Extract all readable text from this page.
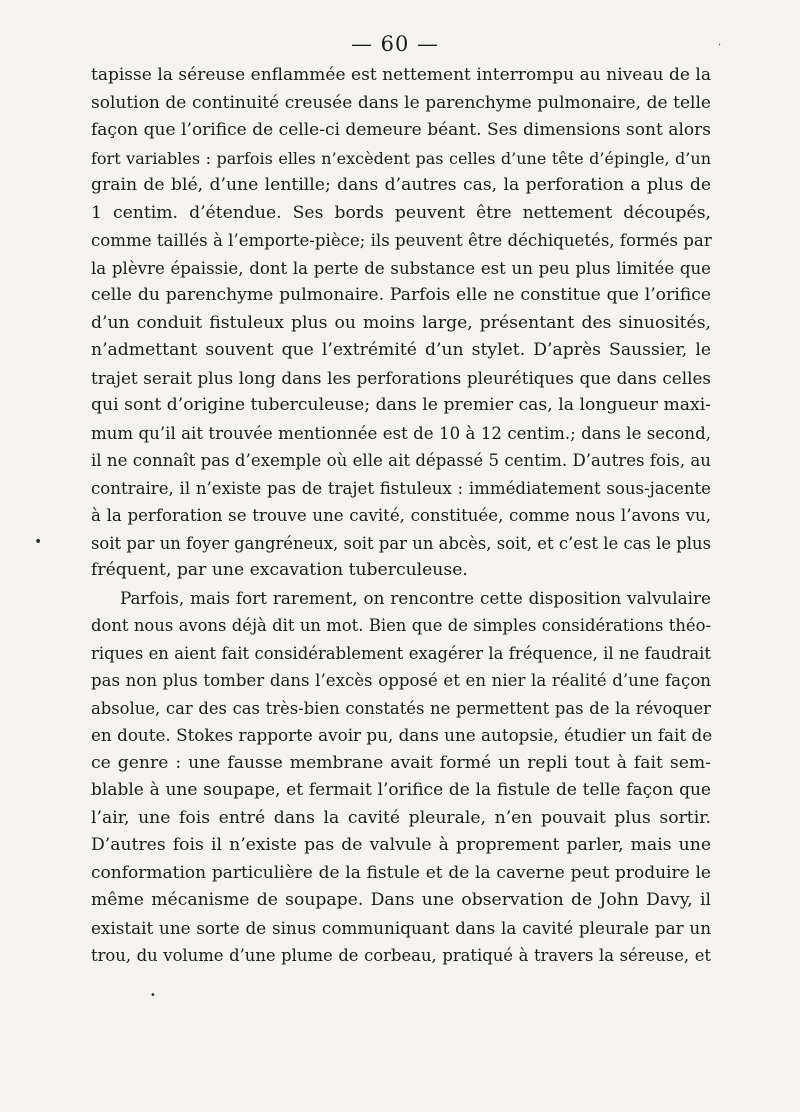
— 60 —	·
•
•
tapisse la séreuse enflammée est nettement interrompu au niveau de la
solution de continuité creusée dans le parenchyme pulmonaire, de telle
façon que l’orifice de celle-ci demeure béant. Ses dimensions sont alors
fort variables : parfois elles n’excèdent pas celles d’une tête d’épingle, d’un
grain de blé, d’une lentille; dans d’autres cas, la perforation a plus de
1 centim. d’étendue. Ses bords peuvent être nettement découpés,
comme taillés à l’emporte-pièce; ils peuvent être déchiquetés, formés par
la plèvre épaissie, dont la perte de substance est un peu plus limitée que
celle du parenchyme pulmonaire. Parfois elle ne constitue que l’orifice
d’un conduit fistuleux plus ou moins large, présentant des sinuosités,
n’admettant souvent que l’extrémité d’un stylet. D’après Saussier, le
trajet serait plus long dans les perforations pleurétiques que dans celles
qui sont d’origine tuberculeuse; dans le premier cas, la longueur maxi-
mum qu’il ait trouvée mentionnée est de 10 à 12 centim.; dans le second,
il ne connaît pas d’exemple où elle ait dépassé 5 centim. D’autres fois, au
contraire, il n’existe pas de trajet fistuleux : immédiatement sous-jacente
à la perforation se trouve une cavité, constituée, comme nous l’avons vu,
soit par un foyer gangréneux, soit par un abcès, soit, et c’est le cas le plus
fréquent, par une excavation tuberculeuse.
Parfois, mais fort rarement, on rencontre cette disposition valvulaire
dont nous avons déjà dit un mot. Bien que de simples considérations théo-
riques en aient fait considérablement exagérer la fréquence, il ne faudrait
pas non plus tomber dans l’excès opposé et en nier la réalité d’une façon
absolue, car des cas très-bien constatés ne permettent pas de la révoquer
en doute. Stokes rapporte avoir pu, dans une autopsie, étudier un fait de
ce genre : une fausse membrane avait formé un repli tout à fait sem-
blable à une soupape, et fermait l’orifice de la fistule de telle façon que
l’air, une fois entré dans la cavité pleurale, n’en pouvait plus sortir.
D’autres fois il n’existe pas de valvule à proprement parler, mais une
conformation particulière de la fistule et de la caverne peut produire le
même mécanisme de soupape. Dans une observation de John Davy, il
existait une sorte de sinus communiquant dans la cavité pleurale par un
trou, du volume d’une plume de corbeau, pratiqué à travers la séreuse, et
